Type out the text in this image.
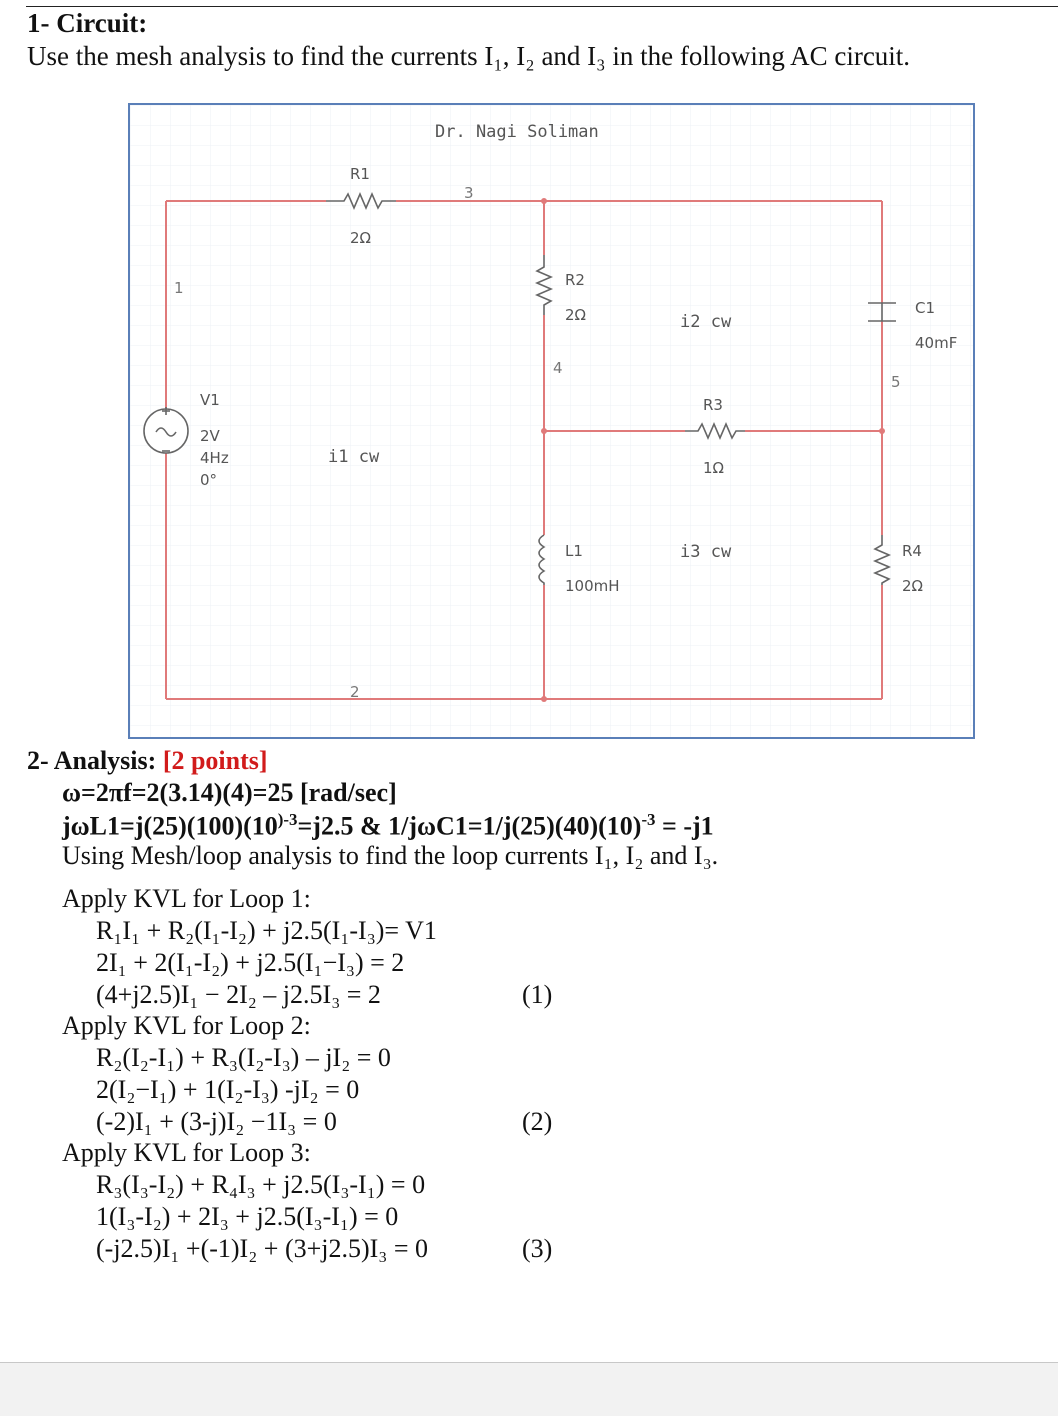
1- Circuit:
Use the mesh analysis to find the currents I₁, I₂ and I₃ in the following AC circuit.
Dr. Nagi Soliman
1
2
3
4
5
R1
2Ω
R2
2Ω
R3
1Ω
R4
2Ω
L1
100mH
C1
40mF
V1
2V
4Hz
0°
i1 cw
i2 cw
i3 cw
2- Analysis: [2 points]
ω=2πf=2(3.14)(4)=25 [rad/sec]
$j\omega L1=j(25)(100)(10^{)-3}=j2.5$ & $1/j\omega C1=1/j(25)(40)(10)^{-3} = -j1$
Using Mesh/loop analysis to find the loop currents I₁, I₂ and I₃.
Apply KVL for Loop 1:
R₁I₁ + R₂(I₁-I₂) + j2.5(I₁-I₃)= V1
2I₁ + 2(I₁-I₂) + j2.5(I₁−I₃) = 2
(4+j2.5)I₁ − 2I₂ – j2.5I₃ = 2	(1)
Apply KVL for Loop 2:
R₂(I₂-I₁) + R₃(I₂-I₃) – jI₂ = 0
2(I₂−I₁) + 1(I₂-I₃) -jI₂ = 0
(-2)I₁ + (3-j)I₂ −1I₃ = 0	(2)
Apply KVL for Loop 3:
R₃(I₃-I₂) + R₄I₃ + j2.5(I₃-I₁) = 0
1(I₃-I₂) + 2I₃ + j2.5(I₃-I₁) = 0
(-j2.5)I₁ +(-1)I₂ + (3+j2.5)I₃ = 0	(3)
